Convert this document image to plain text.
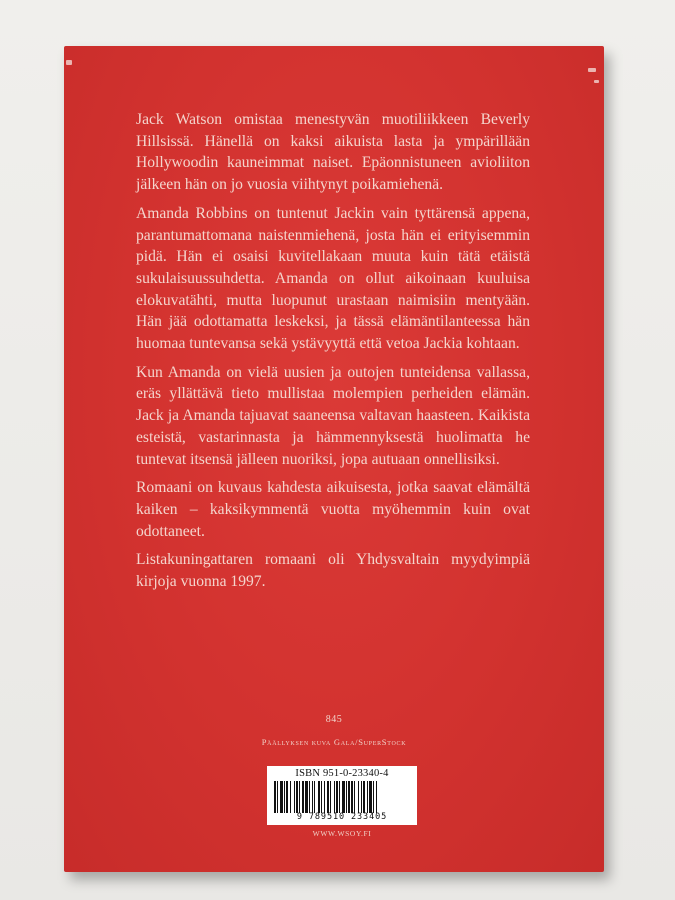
Jack Watson omistaa menestyvän muotiliikkeen Beverly Hillsissä. Hänellä on kaksi aikuista lasta ja ympärillään Hollywoodin kauneimmat naiset. Epäonnistuneen avioliiton jälkeen hän on jo vuosia viihtynyt poikamiehenä.

Amanda Robbins on tuntenut Jackin vain tyttärensä appena, parantumattomana naistenmiehenä, josta hän ei erityisemmin pidä. Hän ei osaisi kuvitellakaan muuta kuin tätä etäistä sukulaisuussuhdetta. Amanda on ollut aikoinaan kuuluisa elokuvatähti, mutta luopunut urastaan naimisiin mentyään. Hän jää odottamatta leskeksi, ja tässä elämäntilanteessa hän huomaa tuntevansa sekä ystävyyttä että vetoa Jackia kohtaan.

Kun Amanda on vielä uusien ja outojen tunteidensa vallassa, eräs yllättävä tieto mullistaa molempien perheiden elämän. Jack ja Amanda tajuavat saaneensa valtavan haasteen. Kaikista esteistä, vastarinnasta ja hämmennyksestä huolimatta he tuntevat itsensä jälleen nuoriksi, jopa autuaan onnellisiksi.

Romaani on kuvaus kahdesta aikuisesta, jotka saavat elämältä kaiken – kaksikymmentä vuotta myöhemmin kuin ovat odottaneet.

Listakuningattaren romaani oli Yhdysvaltain myydyimpiä kirjoja vuonna 1997.

845
Päällyksen kuva Gala/SuperStock
ISBN 951-0-23340-4
9 789510 233405
WWW.WSOY.FI
